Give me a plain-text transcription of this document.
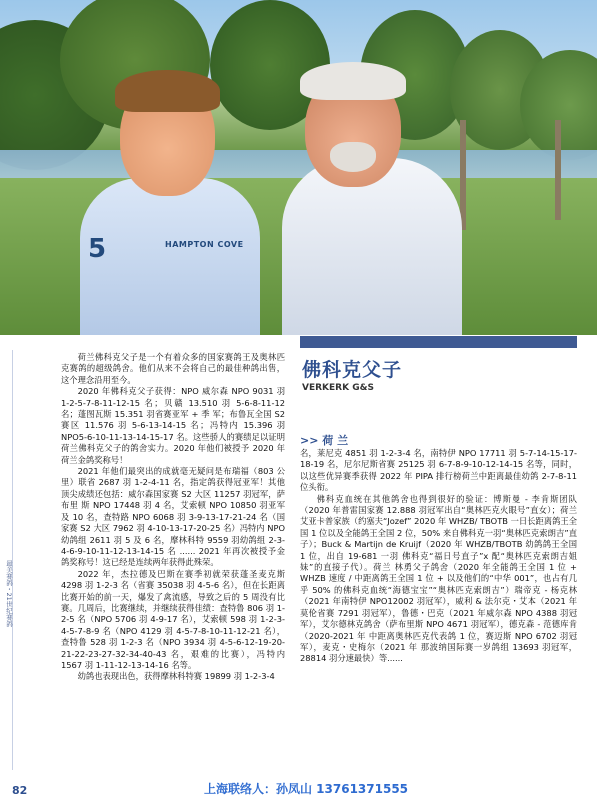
5	HAMPTON COVE
佛科克父子
VERKERK G&S
>> 荷 兰

荷兰佛科克父子是一个有着众多的国家赛鸽王及奥林匹克赛鸽的超级鸽舍。他们从来不会将自己的最佳种鸽出售，这个理念沿用至今。

2020 年佛科克父子获得：NPO 威尔森 NPO 9031 羽 1-2-5-7-8-11-12-15 名；贝赣 13.510 羽 5-6-8-11-12 名；蓬图瓦斯 15.351 羽省赛亚军 + 季 军；布鲁瓦全国 S2 赛区 11.576 羽 5-6-13-14-15 名；冯特内 15.396 羽 NPO5-6-10-11-13-14-15-17 名。这些骄人的赛绩足以证明荷兰佛科克父子的鸽舍实力。2020 年他们被授予 2020 年荷兰金鸽奖称号！

2021 年他们最突出的成就毫无疑问是布瑞福（803 公里）联省 2687 羽 1-2-4-11 名，指定鸽获得冠亚军！其他顶尖成绩还包括：威尔森国家赛 S2 大区 11257 羽冠军，萨布里 斯 NPO 17448 羽 4 名，艾索顿 NPO 10850 羽亚军及 10 名，查特路 NPO 6068 羽 3-9-13-17-21-24 名（国家赛 S2 大区 7962 羽 4-10-13-17-20-25 名）冯特内 NPO 幼鸽组 2611 羽 5 及 6 名，摩林科特 9559 羽幼鸽组 2-3-4-6-9-10-11-12-13-14-15 名 ...... 2021 年再次被授予金鸽奖称号！这已经是连续两年获得此殊荣。

2022 年，杰拉德及巴斯在赛季初就荣获蓬圣麦克斯 4298 羽 1-2-3 名（省赛 35038 羽 4-5-6 名），但在长距离比赛开始的前一天，爆发了禽流感，导致之后的 5 周没有比赛。几周后，比赛继续，并继续获得佳绩：查特鲁 806 羽 1-2-5 名（NPO 5706 羽 4-9-17 名），艾索顿 598 羽 1-2-3-4-5-7-8-9 名（NPO 4129 羽 4-5-7-8-10-11-12-21 名），查特鲁 528 羽 1-2-3 名（NPO 3934 羽 4-5-6-12-19-20-21-22-23-27-32-34-40-43 名，艰难的比赛），冯特内 1567 羽 1-11-12-13-14-16 名等。

幼鸽也表现出色，获得摩林科特赛 19899 羽 1-2-3-4

名，莱尼克 4851 羽 1-2-3-4 名，南特伊 NPO 17711 羽 5-7-14-15-17-18-19 名，尼尔尼斯省赛 25125 羽 6-7-8-9-10-12-14-15 名等，同时，以这些优异赛季获得 2022 年 PIPA 排行榜荷兰中距离最佳幼鸽 2-7-8-11 位头衔。

佛科克血统在其他鸽舍也得到很好的验证：博斯曼 - 李肯斯团队（2020 年普雷国家赛 12.888 羽冠军出自“奥林匹克火眼号”直女）；荷兰艾亚卡普家族（约塞夫“Jozef” 2020 年 WHZB/ TBOTB 一日长距离鸽王全国 1 位以及全能鸽王全国 2 位，50% 来自佛科克一羽“奥林匹克索朗吉”直子）；Buck & Martijn de Kruijf（2020 年 WHZB/TBOTB 幼鸽鸽王全国 1 位，出自 19-681 一羽 佛科克“福日号直子”x 配“奥林匹克索朗吉姐妹”的直接子代）。荷兰 林勇父子鸽舍（2020 年全能鸽王全国 1 位 + WHZB 速度 / 中距离鸽王全国 1 位 + 以及他们的“中华 001”，也占有几乎 50% 的佛科克血统“海德宝宝”“奥林匹克索朗吉”）瑞帝克 - 杨克林（2021 年南特伊 NPO12002 羽冠军），威利 & 法尔克・艾本（2021 年莫伦省赛 7291 羽冠军），鲁德・巴克（2021 年威尔森 NPO 4388 羽冠军），艾尔德林克鸽舍（萨布里斯 NPO 4671 羽冠军），德克森 - 范德库肯（2020-2021 年 中距离奥林匹克代表鸽 1 位，赛迈斯 NPO 6702 羽冠军），麦克・史梅尔（2021 年 那波纳国际赛一岁鸽组 13693 羽冠军，28814 羽分速最快）等......

最美赛鸽・21世纪赛鸽
82	上海联络人：孙凤山 13761371555
